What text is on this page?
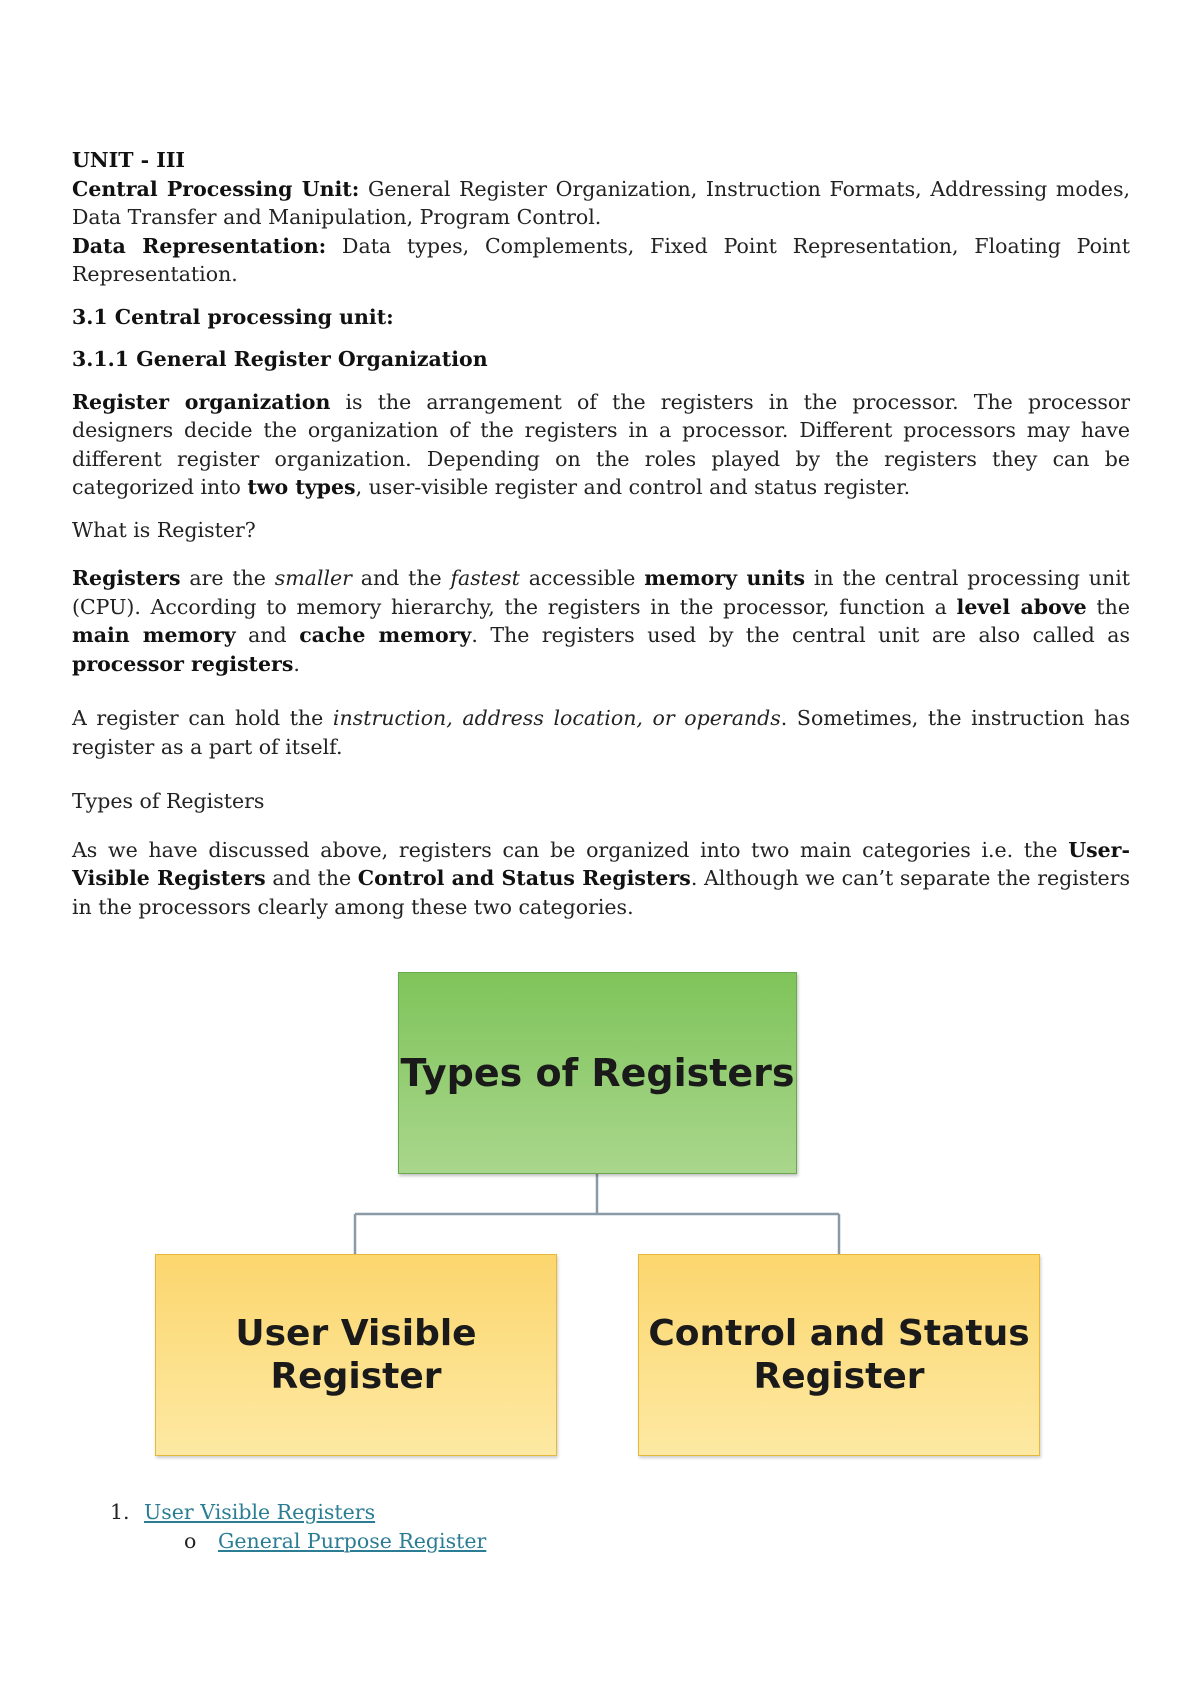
UNIT - III

Central Processing Unit: General Register Organization, Instruction Formats, Addressing modes, Data Transfer and Manipulation, Program Control.

Data Representation: Data types, Complements, Fixed Point Representation, Floating Point Representation.

3.1 Central processing unit:

3.1.1 General Register Organization

Register organization is the arrangement of the registers in the processor. The processor designers decide the organization of the registers in a processor. Different processors may have different register organization. Depending on the roles played by the registers they can be categorized into two types, user-visible register and control and status register.

What is Register?

Registers are the smaller and the fastest accessible memory units in the central processing unit (CPU). According to memory hierarchy, the registers in the processor, function a level above the main memory and cache memory. The registers used by the central unit are also called as processor registers.

A register can hold the instruction, address location, or operands. Sometimes, the instruction has register as a part of itself.

Types of Registers

As we have discussed above, registers can be organized into two main categories i.e. the User-Visible Registers and the Control and Status Registers. Although we can’t separate the registers in the processors clearly among these two categories.

Types of Registers
User Visible
Register
Control and Status
Register
1. User Visible Registers
o	General Purpose Register
